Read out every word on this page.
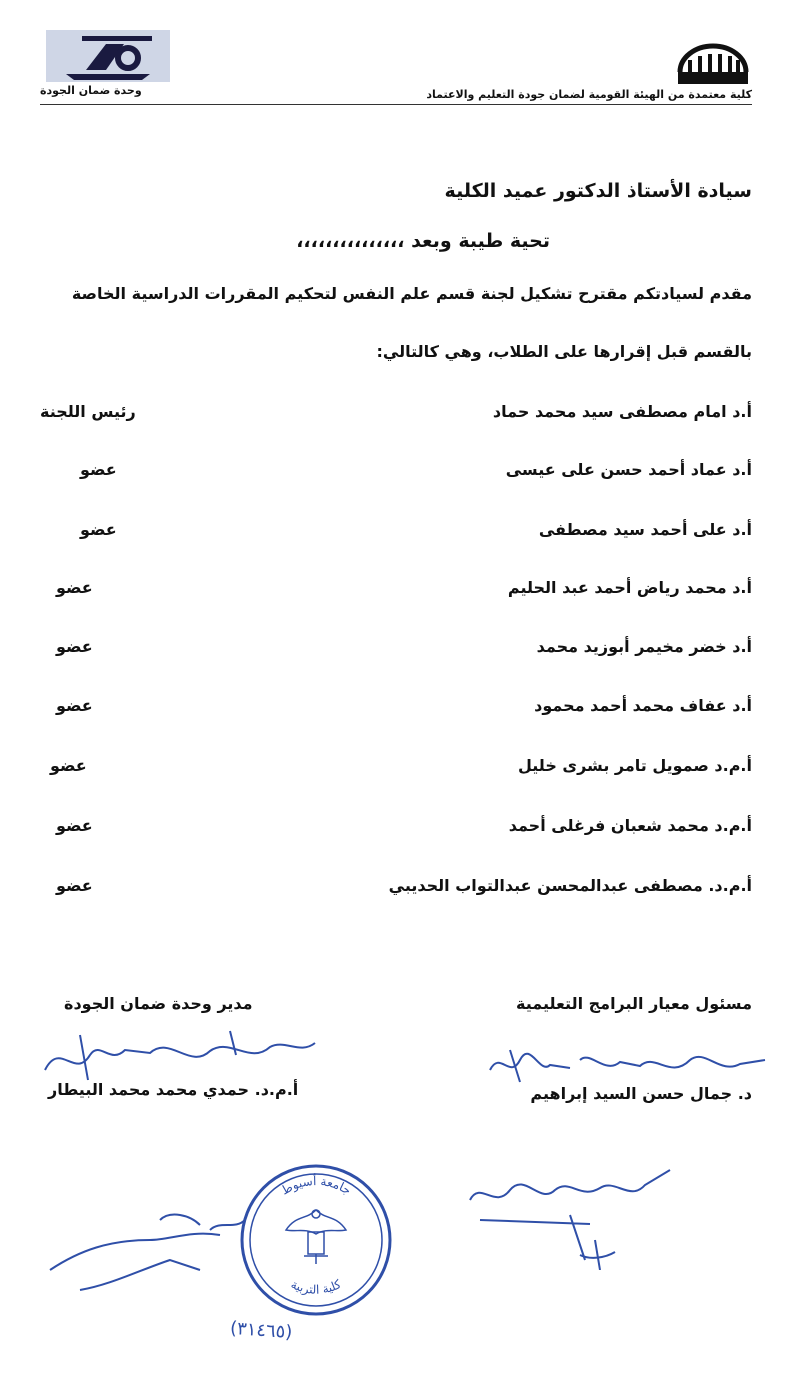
وحدة ضمان الجودة	كلية معتمدة من الهيئة القومية لضمان جودة التعليم والاعتماد
سيادة الأستاذ الدكتور عميد الكلية
تحية طيبة وبعد ،،،،،،،،،،،،،،،
مقدم لسيادتكم مقترح تشكيل لجنة قسم علم النفس لتحكيم المقررات الدراسية الخاصة
بالقسم قبل إقرارها على الطلاب، وهي كالتالي:
أ.د امام مصطفى سيد محمد حماد
رئيس اللجنة
أ.د عماد أحمد حسن على عيسى
عضو
أ.د على أحمد سيد مصطفى
عضو
أ.د محمد رياض أحمد عبد الحليم
عضو
أ.د خضر مخيمر أبوزيد محمد
عضو
أ.د عفاف محمد أحمد محمود
عضو
أ.م.د صمويل تامر بشرى خليل
عضو
أ.م.د محمد شعبان فرغلى أحمد
عضو
أ.م.د. مصطفى عبدالمحسن عبدالتواب الحديبي
عضو
مسئول معيار البرامج التعليمية
مدير وحدة ضمان الجودة
د. جمال حسن السيد إبراهيم
أ.م.د. حمدي محمد محمد البيطار
جامعة أسيوط
كلية التربية
(٣١٤٦٥)
